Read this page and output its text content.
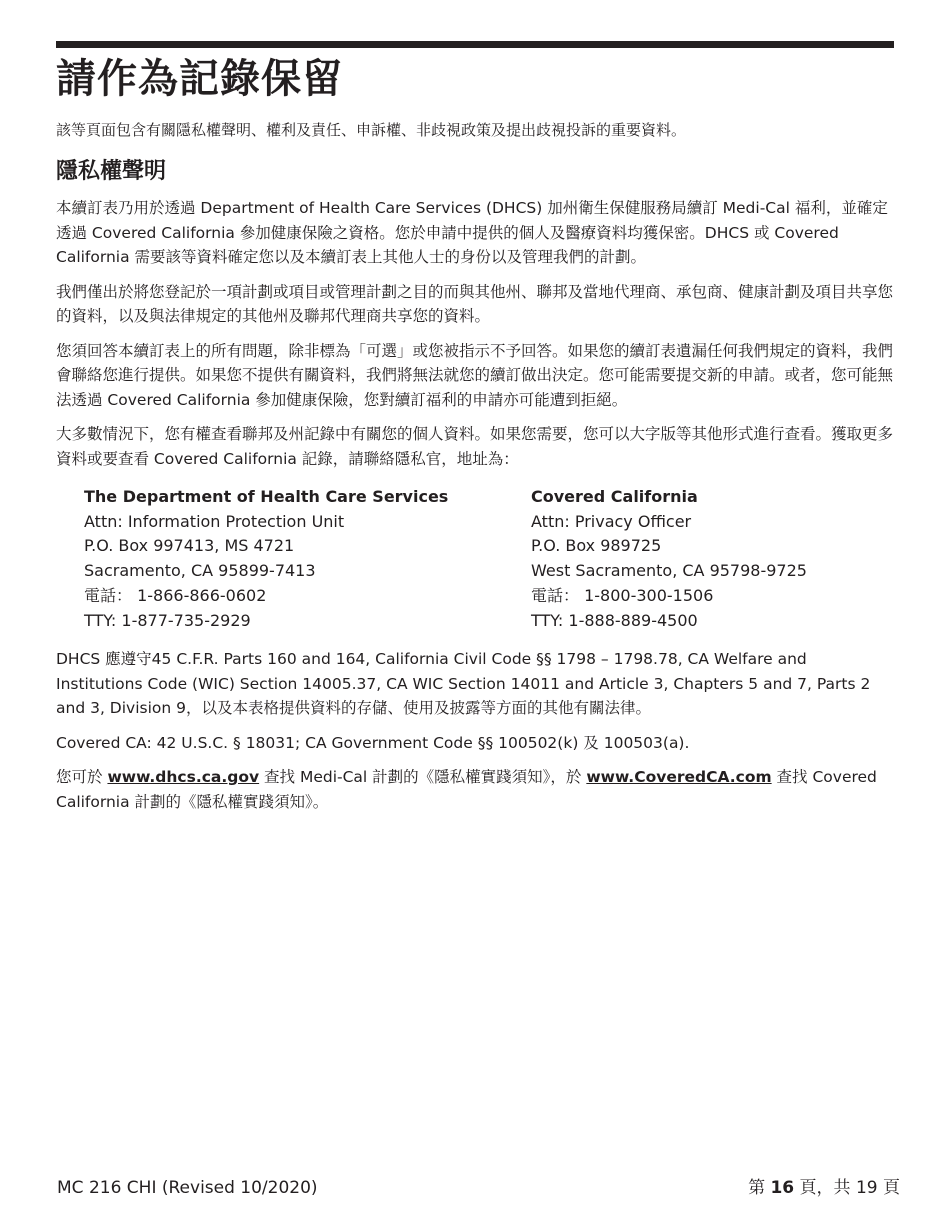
請作為記錄保留

該等頁面包含有關隱私權聲明、權利及責任、申訴權、非歧視政策及提出歧視投訴的重要資料。

隱私權聲明

本續訂表乃用於透過 Department of Health Care Services (DHCS) 加州衛生保健服務局續訂 Medi-Cal 福利，並確定透過 Covered California 參加健康保險之資格。您於申請中提供的個人及醫療資料均獲保密。DHCS 或 Covered California 需要該等資料確定您以及本續訂表上其他人士的身份以及管理我們的計劃。

我們僅出於將您登記於一項計劃或項目或管理計劃之目的而與其他州、聯邦及當地代理商、承包商、健康計劃及項目共享您的資料，以及與法律規定的其他州及聯邦代理商共享您的資料。

您須回答本續訂表上的所有問題，除非標為「可選」或您被指示不予回答。如果您的續訂表遺漏任何我們規定的資料，我們會聯絡您進行提供。如果您不提供有關資料，我們將無法就您的續訂做出決定。您可能需要提交新的申請。或者，您可能無法透過 Covered California 參加健康保險，您對續訂福利的申請亦可能遭到拒絕。

大多數情況下，您有權查看聯邦及州記錄中有關您的個人資料。如果您需要，您可以大字版等其他形式進行查看。獲取更多資料或要查看 Covered California 記錄，請聯絡隱私官，地址為：

The Department of Health Care Services
Attn: Information Protection Unit
P.O. Box 997413, MS 4721
Sacramento, CA 95899-7413
電話： 1-866-866-0602
TTY: 1-877-735-2929
Covered California
Attn: Privacy Officer
P.O. Box 989725
West Sacramento, CA 95798-9725
電話： 1-800-300-1506
TTY: 1-888-889-4500

DHCS 應遵守45 C.F.R. Parts 160 and 164, California Civil Code §§ 1798 – 1798.78, CA Welfare and Institutions Code (WIC) Section 14005.37, CA WIC Section 14011 and Article 3, Chapters 5 and 7, Parts 2 and 3, Division 9，以及本表格提供資料的存儲、使用及披露等方面的其他有關法律。

Covered CA: 42 U.S.C. § 18031; CA Government Code §§ 100502(k) 及 100503(a).

您可於 www.dhcs.ca.gov 查找 Medi-Cal 計劃的《隱私權實踐須知》，於 www.CoveredCA.com 查找 Covered California 計劃的《隱私權實踐須知》。

MC 216 CHI (Revised 10/2020)	第 16 頁，共 19 頁
